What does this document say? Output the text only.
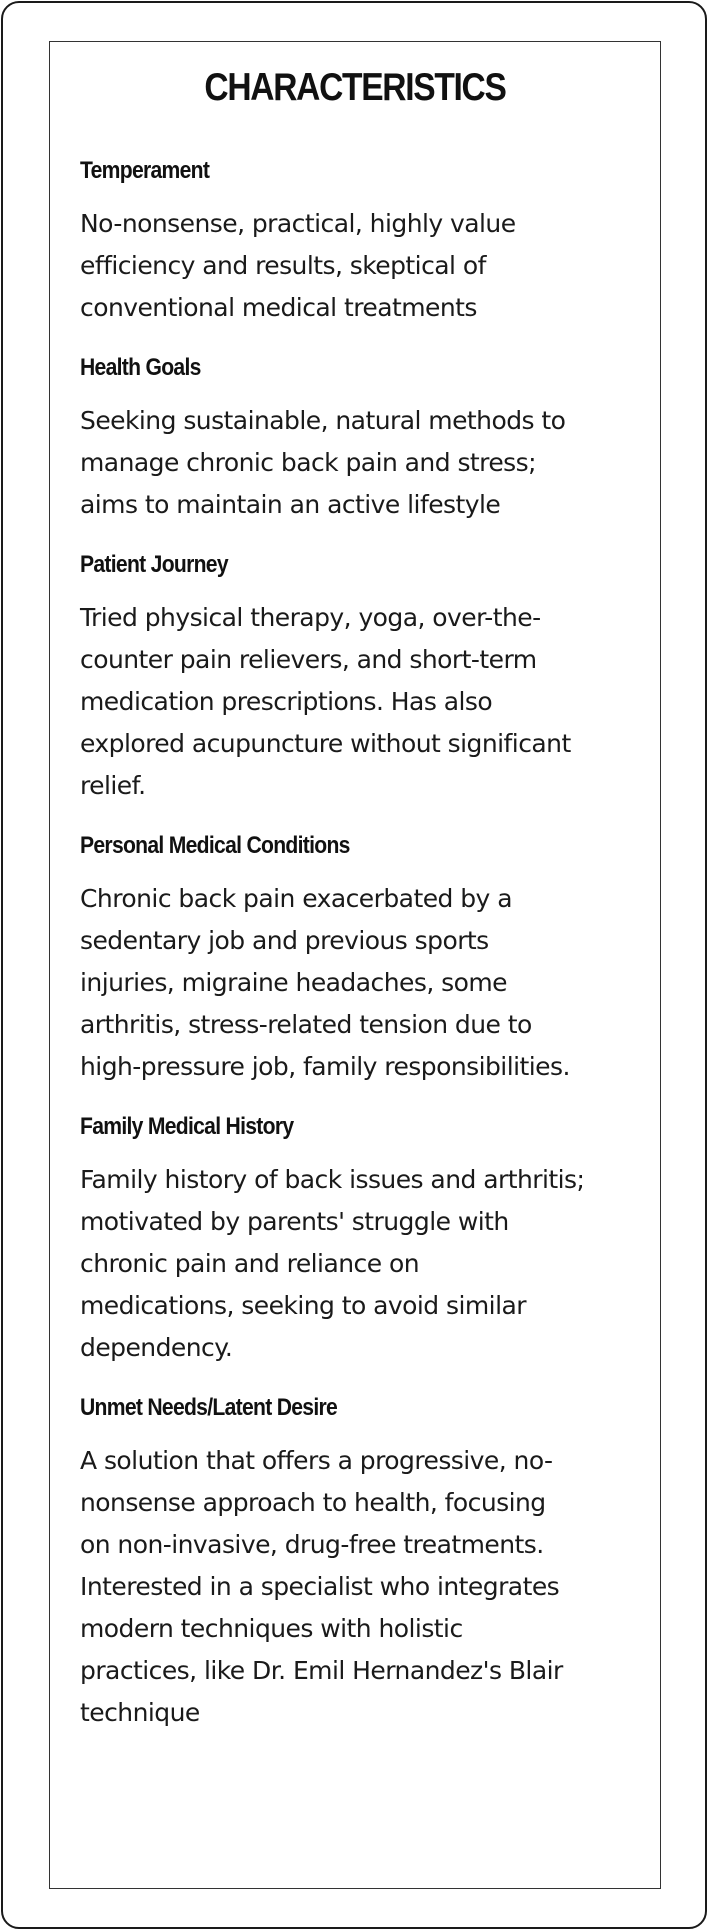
CHARACTERISTICS
Temperament
No-nonsense, practical, highly value
efficiency and results, skeptical of
conventional medical treatments
Health Goals
Seeking sustainable, natural methods to
manage chronic back pain and stress;
aims to maintain an active lifestyle
Patient Journey
Tried physical therapy, yoga, over-the-
counter pain relievers, and short-term
medication prescriptions. Has also
explored acupuncture without significant
relief.
Personal Medical Conditions
Chronic back pain exacerbated by a
sedentary job and previous sports
injuries, migraine headaches, some
arthritis, stress-related tension due to
high-pressure job, family responsibilities.
Family Medical History
Family history of back issues and arthritis;
motivated by parents' struggle with
chronic pain and reliance on
medications, seeking to avoid similar
dependency.
Unmet Needs/Latent Desire
A solution that offers a progressive, no-
nonsense approach to health, focusing
on non-invasive, drug-free treatments.
Interested in a specialist who integrates
modern techniques with holistic
practices, like Dr. Emil Hernandez's Blair
technique
